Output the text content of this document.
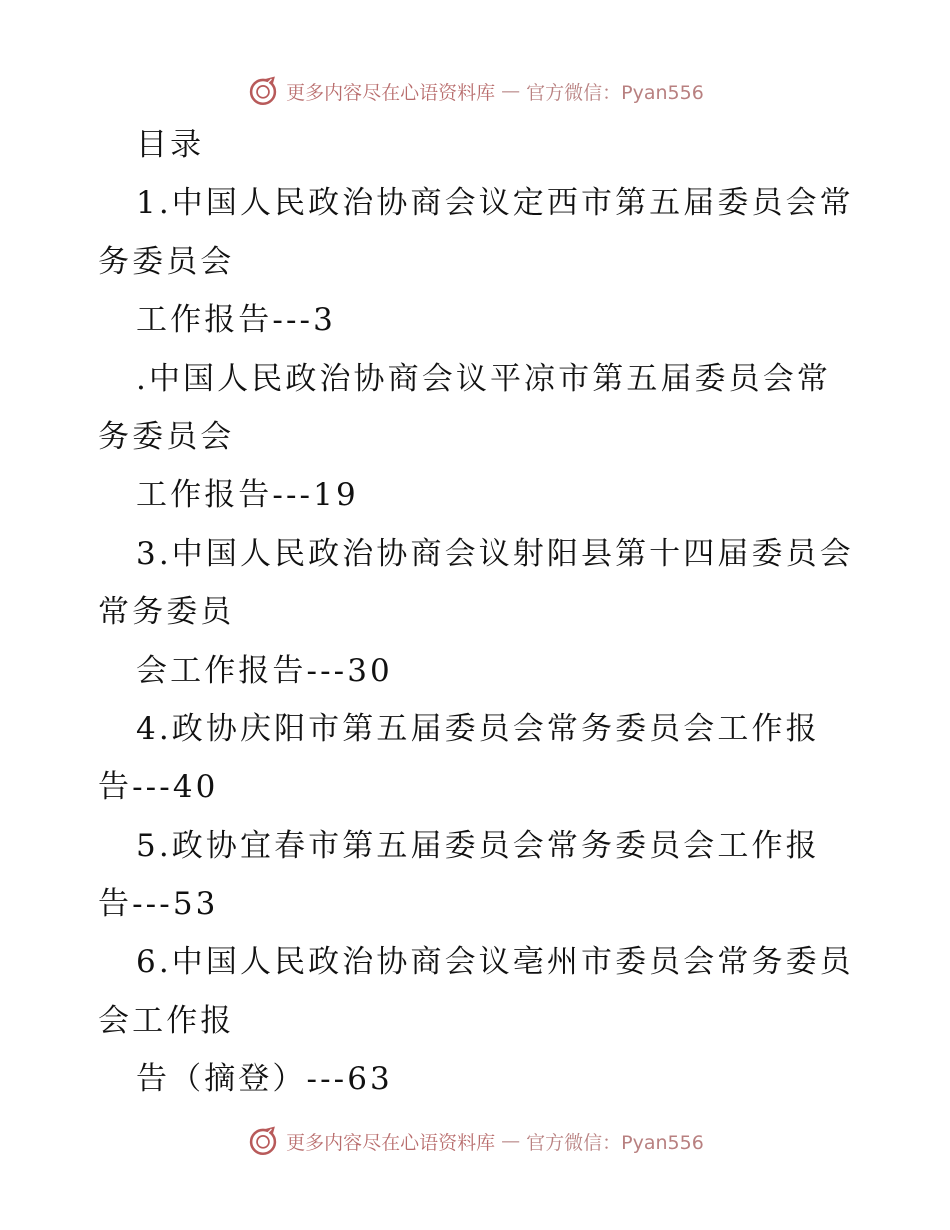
更多内容尽在心语资料库 — 官方微信：Pyan556
目录
1.中国人民政治协商会议定西市第五届委员会常
务委员会
工作报告---3
.中国人民政治协商会议平凉市第五届委员会常
务委员会
工作报告---19
3.中国人民政治协商会议射阳县第十四届委员会
常务委员
会工作报告---30
4.政协庆阳市第五届委员会常务委员会工作报
告---40
5.政协宜春市第五届委员会常务委员会工作报
告---53
6.中国人民政治协商会议亳州市委员会常务委员
会工作报
告（摘登）---63
更多内容尽在心语资料库 — 官方微信：Pyan556
